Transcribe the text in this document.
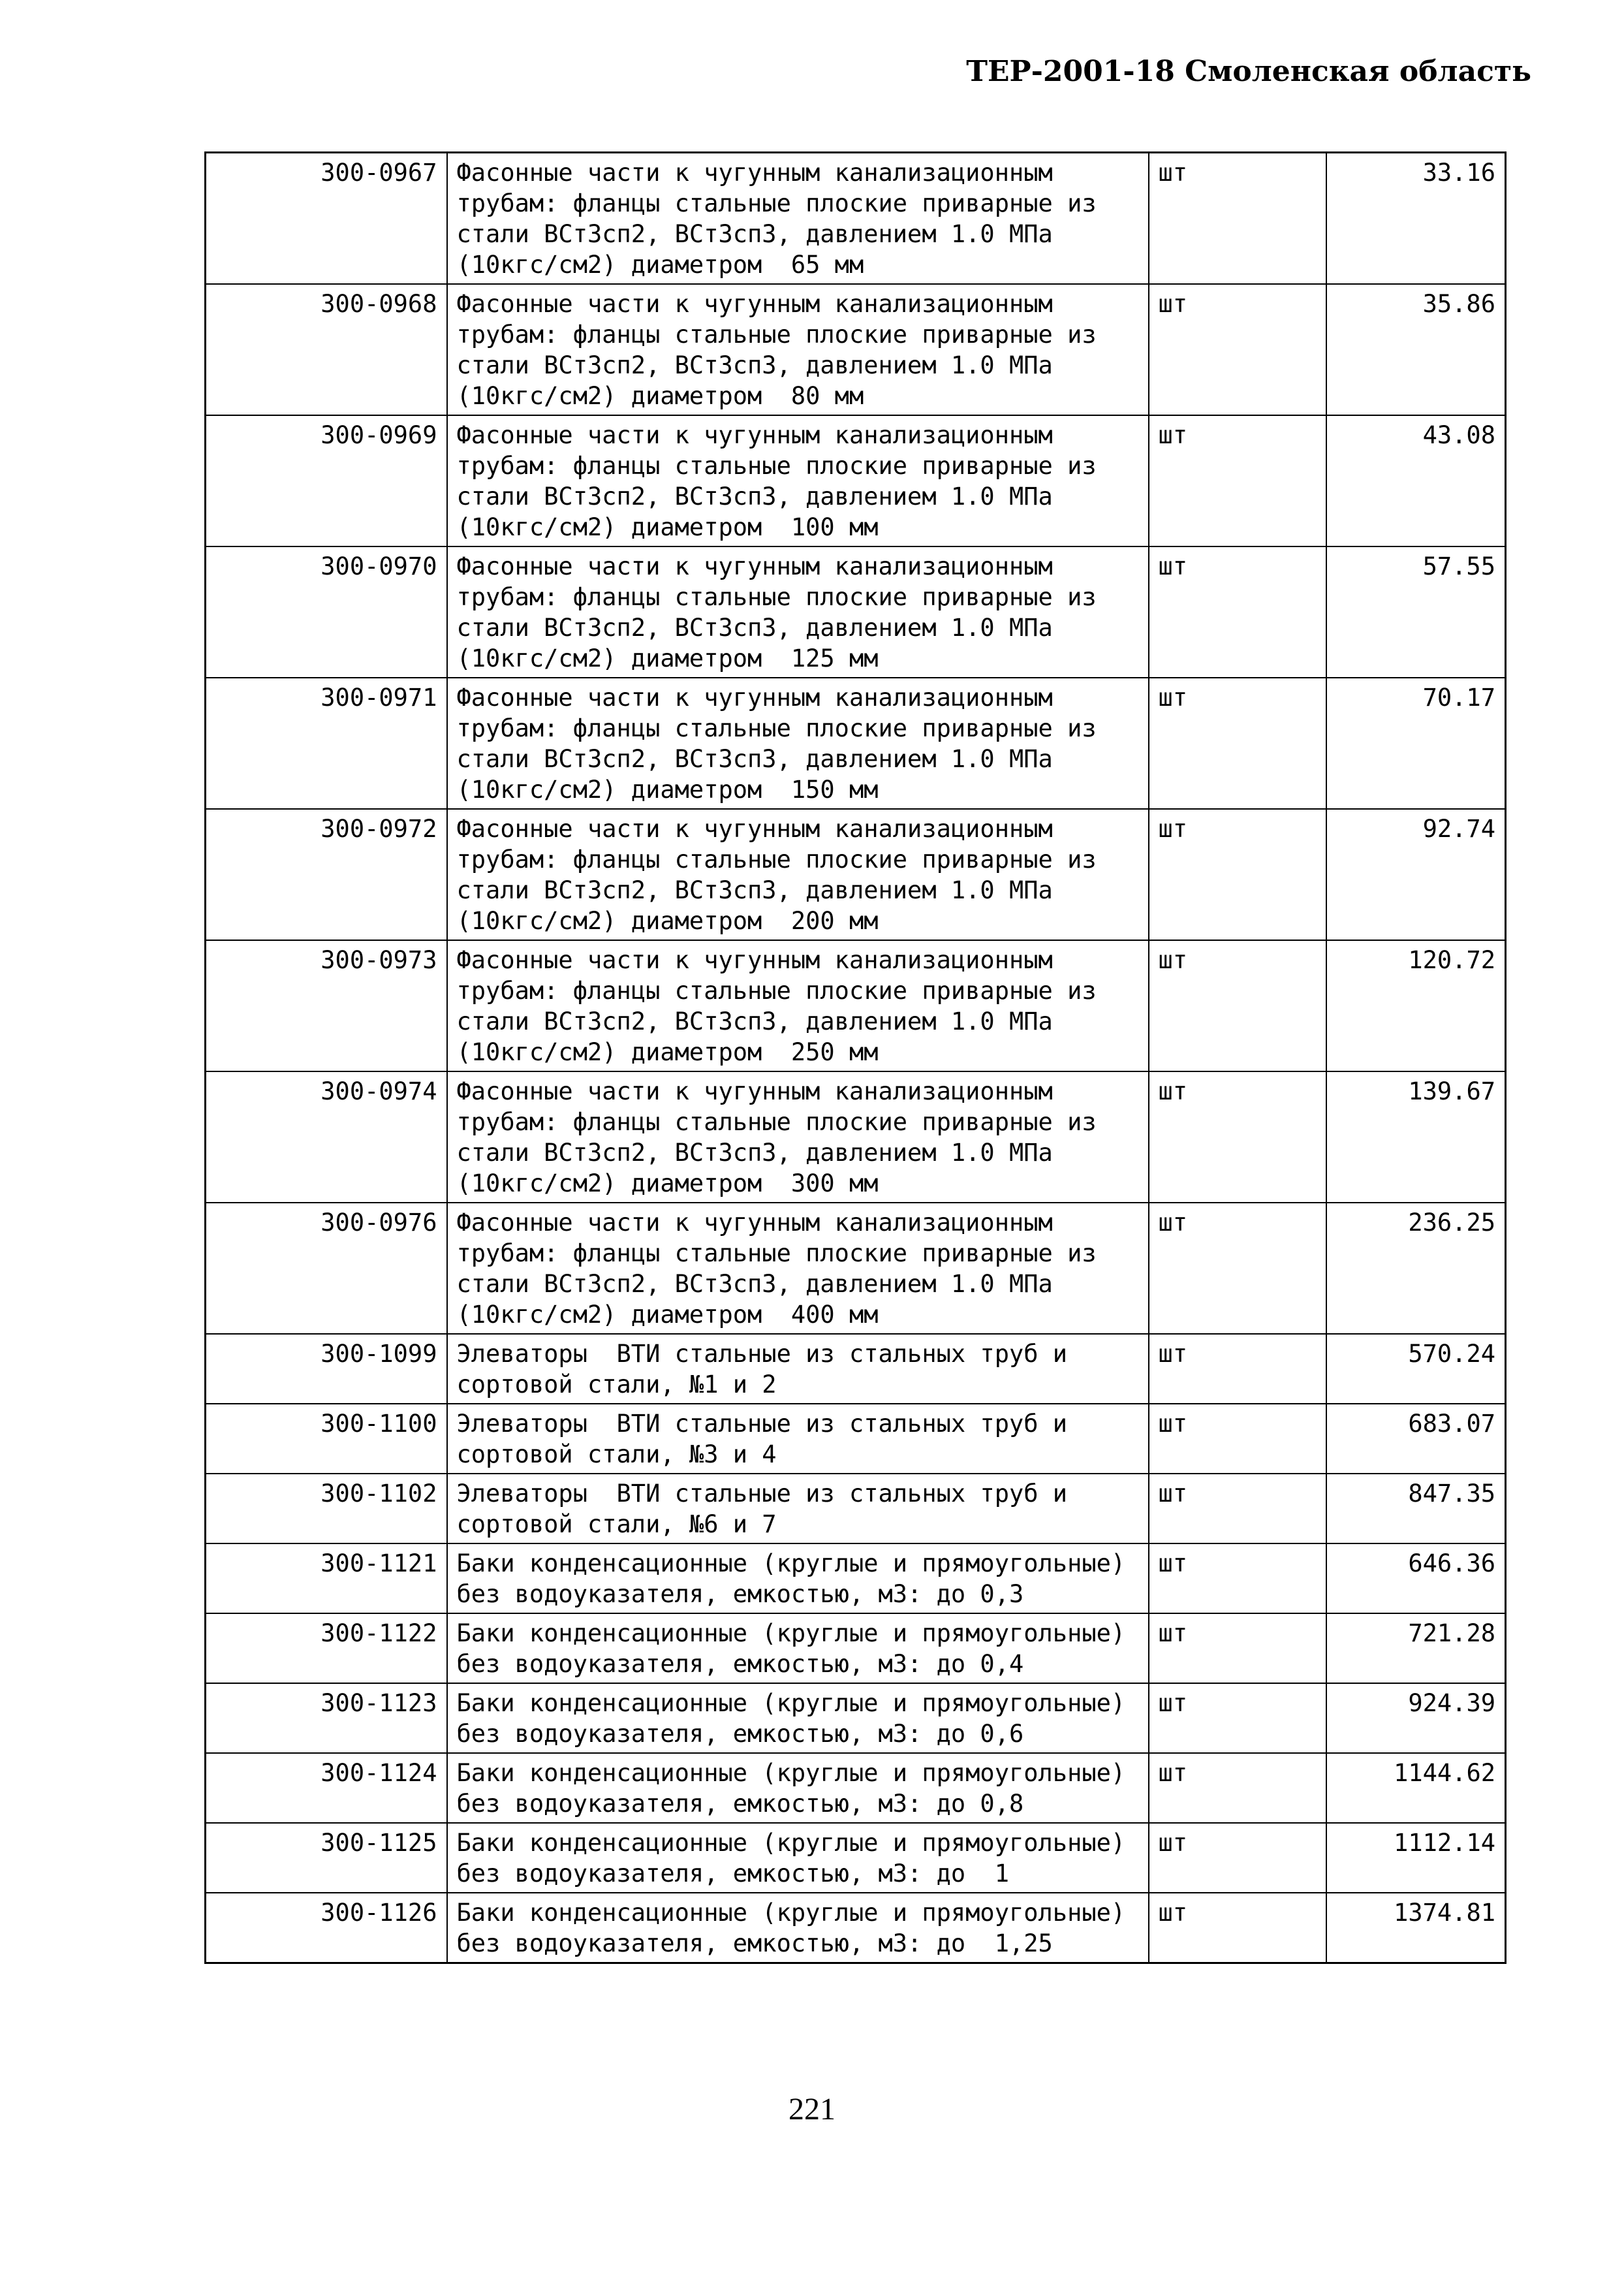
ТЕР-2001-18 Смоленская область
300-0967	Фасонные части к чугунным канализационным трубам: фланцы стальные плоские приварные из стали ВСт3сп2, ВСт3сп3, давлением 1.0 МПа (10кгс/см2) диаметром  65 мм	шт	33.16
300-0968	Фасонные части к чугунным канализационным трубам: фланцы стальные плоские приварные из стали ВСт3сп2, ВСт3сп3, давлением 1.0 МПа (10кгс/см2) диаметром  80 мм	шт	35.86
300-0969	Фасонные части к чугунным канализационным трубам: фланцы стальные плоские приварные из стали ВСт3сп2, ВСт3сп3, давлением 1.0 МПа (10кгс/см2) диаметром  100 мм	шт	43.08
300-0970	Фасонные части к чугунным канализационным трубам: фланцы стальные плоские приварные из стали ВСт3сп2, ВСт3сп3, давлением 1.0 МПа (10кгс/см2) диаметром  125 мм	шт	57.55
300-0971	Фасонные части к чугунным канализационным трубам: фланцы стальные плоские приварные из стали ВСт3сп2, ВСт3сп3, давлением 1.0 МПа (10кгс/см2) диаметром  150 мм	шт	70.17
300-0972	Фасонные части к чугунным канализационным трубам: фланцы стальные плоские приварные из стали ВСт3сп2, ВСт3сп3, давлением 1.0 МПа (10кгс/см2) диаметром  200 мм	шт	92.74
300-0973	Фасонные части к чугунным канализационным трубам: фланцы стальные плоские приварные из стали ВСт3сп2, ВСт3сп3, давлением 1.0 МПа (10кгс/см2) диаметром  250 мм	шт	120.72
300-0974	Фасонные части к чугунным канализационным трубам: фланцы стальные плоские приварные из стали ВСт3сп2, ВСт3сп3, давлением 1.0 МПа (10кгс/см2) диаметром  300 мм	шт	139.67
300-0976	Фасонные части к чугунным канализационным трубам: фланцы стальные плоские приварные из стали ВСт3сп2, ВСт3сп3, давлением 1.0 МПа (10кгс/см2) диаметром  400 мм	шт	236.25
300-1099	Элеваторы  ВТИ стальные из стальных труб и сортовой стали, №1 и 2	шт	570.24
300-1100	Элеваторы  ВТИ стальные из стальных труб и сортовой стали, №3 и 4	шт	683.07
300-1102	Элеваторы  ВТИ стальные из стальных труб и сортовой стали, №6 и 7	шт	847.35
300-1121	Баки конденсационные (круглые и прямоугольные) без водоуказателя, емкостью, м3: до 0,3	шт	646.36
300-1122	Баки конденсационные (круглые и прямоугольные) без водоуказателя, емкостью, м3: до 0,4	шт	721.28
300-1123	Баки конденсационные (круглые и прямоугольные) без водоуказателя, емкостью, м3: до 0,6	шт	924.39
300-1124	Баки конденсационные (круглые и прямоугольные) без водоуказателя, емкостью, м3: до 0,8	шт	1144.62
300-1125	Баки конденсационные (круглые и прямоугольные) без водоуказателя, емкостью, м3: до  1	шт	1112.14
300-1126	Баки конденсационные (круглые и прямоугольные) без водоуказателя, емкостью, м3: до  1,25	шт	1374.81
221
